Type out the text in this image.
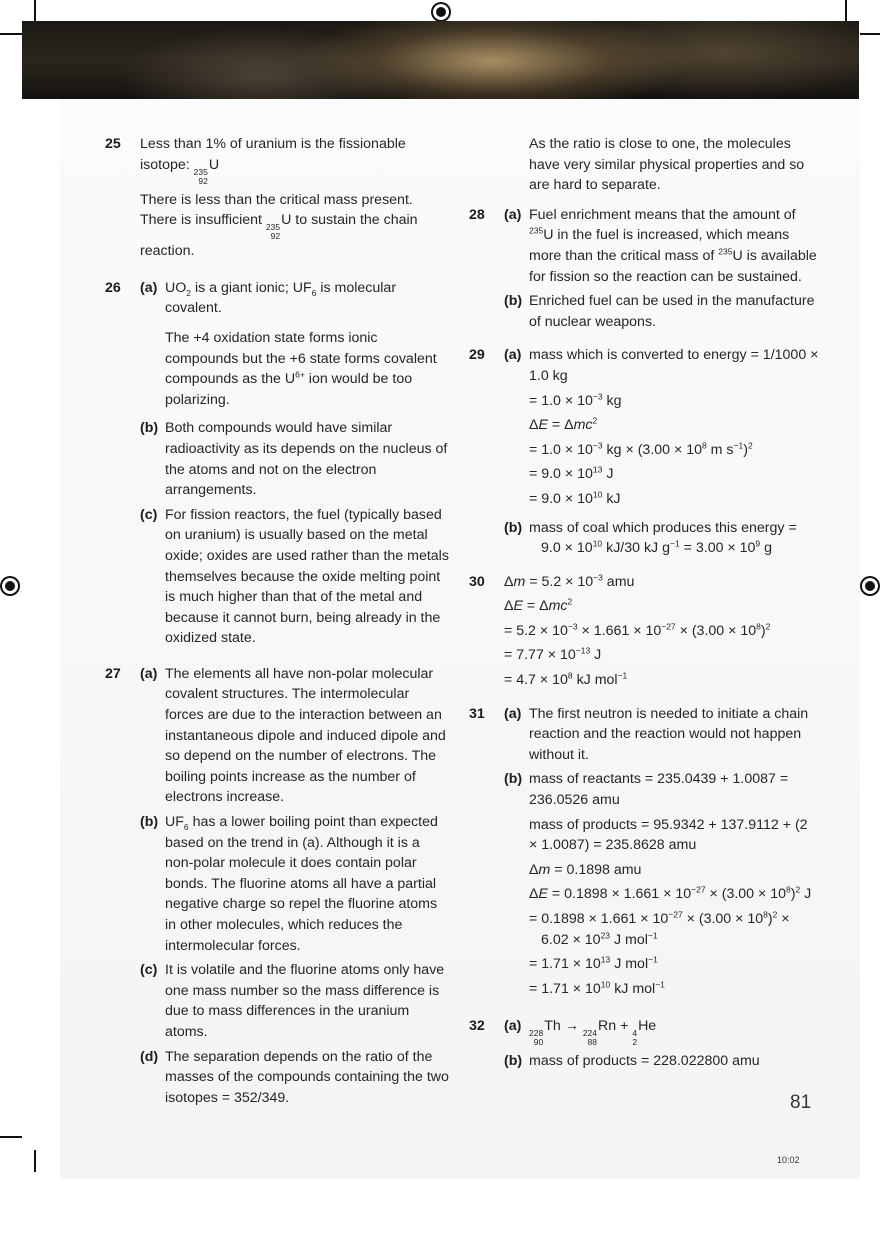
25	Less than 1% of uranium is the fissionable isotope: 235
92
U
There is less than the critical mass present. There is insufficient 235
92
U to sustain the chain reaction.
26	(a) $UO_2$ is a giant ionic; $UF_6$ is molecular covalent.
The +4 oxidation state forms ionic compounds but the +6 state forms covalent compounds as the $U^{6+}$ ion would be too polarizing.
(b) Both compounds would have similar radioactivity as its depends on the nucleus of the atoms and not on the electron arrangements.
(c) For fission reactors, the fuel (typically based on uranium) is usually based on the metal oxide; oxides are used rather than the metals themselves because the oxide melting point is much higher than that of the metal and because it cannot burn, being already in the oxidized state.
27	(a) The elements all have non-polar molecular covalent structures. The intermolecular forces are due to the interaction between an instantaneous dipole and induced dipole and so depend on the number of electrons. The boiling points increase as the number of electrons increase.
(b) $UF_6$ has a lower boiling point than expected based on the trend in (a). Although it is a non-polar molecule it does contain polar bonds. The fluorine atoms all have a partial negative charge so repel the fluorine atoms in other molecules, which reduces the intermolecular forces.
(c) It is volatile and the fluorine atoms only have one mass number so the mass difference is due to mass differences in the uranium atoms.
(d) The separation depends on the ratio of the masses of the compounds containing the two isotopes = 352/349.
As the ratio is close to one, the molecules have very similar physical properties and so are hard to separate.
28	(a) Fuel enrichment means that the amount of $^{235}$U in the fuel is increased, which means more than the critical mass of $^{235}$U is available for fission so the reaction can be sustained.
(b) Enriched fuel can be used in the manufacture of nuclear weapons.
29	(a) mass which is converted to energy = 1/1000 × 1.0 kg
= $1.0 \times 10^{-3}$ kg
ΔE = Δmc$^2$
= $1.0 \times 10^{-3}$ kg × ($3.00 \times 10^8$ m $s^{-1})^2$
= $9.0 \times 10^{13}$ J
= $9.0 \times 10^{10}$ kJ
(b) mass of coal which produces this energy = $9.0 \times 10^{10}$ kJ/30 kJ $g^{-1} = 3.00 \times 10^9$ g
30	$\Delta m = 5.2 \times 10^{-3}$ amu
ΔE = Δmc$^2$
= $5.2 \times 10^{-3} \times 1.661 \times 10^{-27} \times (3.00 \times 10^8)^2$
= $7.77 \times 10^{-13}$ J
= $4.7 \times 10^8$ kJ mol$^{-1}$
31	(a) The first neutron is needed to initiate a chain reaction and the reaction would not happen without it.
(b) mass of reactants = 235.0439 + 1.0087 = 236.0526 amu
mass of products = 95.9342 + 137.9112 + (2 × 1.0087) = 235.8628 amu
Δm = 0.1898 amu
$\Delta E = 0.1898 \times 1.661 \times 10^{-27} \times (3.00 \times 10^8)^2$ J
= $0.1898 \times 1.661 \times 10^{-27} \times (3.00 \times 10^8)^2 \times 6.02 \times 10^{23}$ J mol$^{-1}$
= $1.71 \times 10^{13}$ J mol$^{-1}$
= $1.71 \times 10^{10}$ kJ mol$^{-1}$
32	(a) 228
90
Th → 224
88
Rn + 4
2
He
(b) mass of products = 228.022800 amu
81
10:02
